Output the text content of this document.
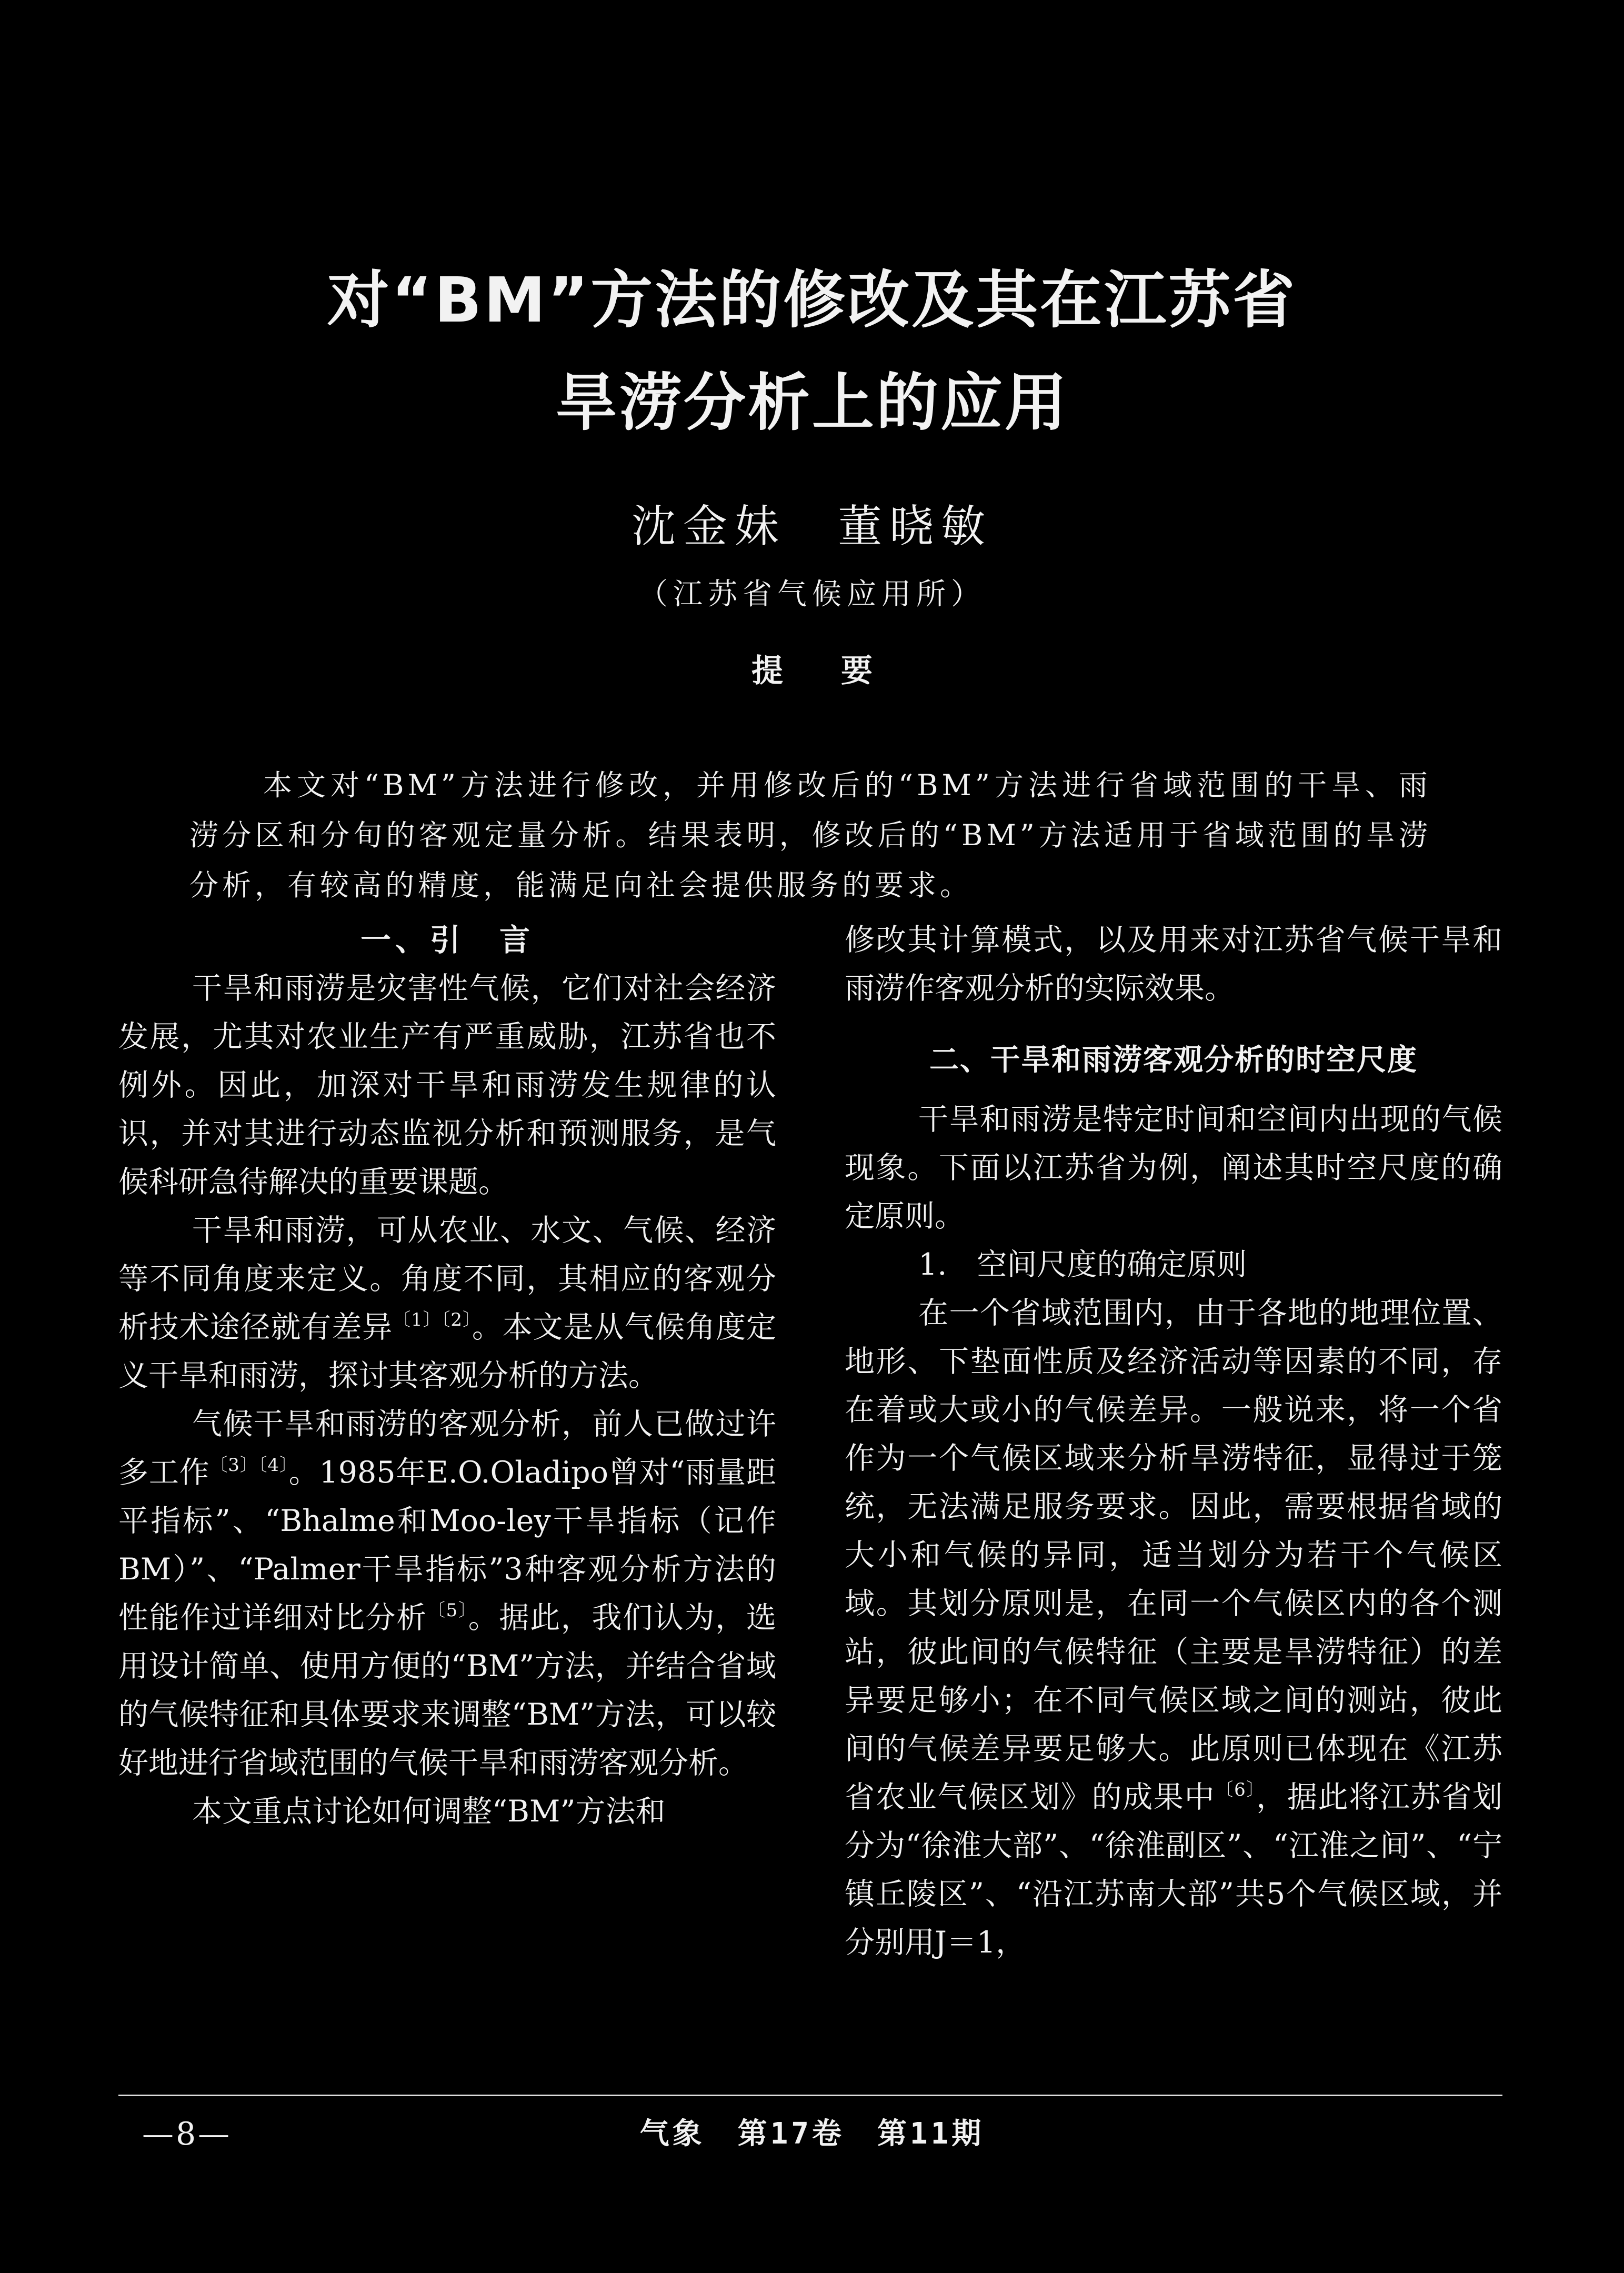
对“BM”方法的修改及其在江苏省
旱涝分析上的应用
沈金妹　董晓敏
（江苏省气候应用所）
提要

本文对“BM”方法进行修改，并用修改后的“BM”方法进行省域范围的干旱、雨涝分区和分旬的客观定量分析。结果表明，修改后的“BM”方法适用于省域范围的旱涝分析，有较高的精度，能满足向社会提供服务的要求。

一、引　言

干旱和雨涝是灾害性气候，它们对社会经济发展，尤其对农业生产有严重威胁，江苏省也不例外。因此，加深对干旱和雨涝发生规律的认识，并对其进行动态监视分析和预测服务，是气候科研急待解决的重要课题。

干旱和雨涝，可从农业、水文、气候、经济等不同角度来定义。角度不同，其相应的客观分析技术途径就有差异$^{〔1〕〔2〕}$。本文是从气候角度定义干旱和雨涝，探讨其客观分析的方法。

气候干旱和雨涝的客观分析，前人已做过许多工作$^{〔3〕〔4〕}$。1985年E.O.Oladipo曾对“雨量距平指标”、“Bhalme和Moo-ley干旱指标（记作BM）”、“Palmer干旱指标”3种客观分析方法的性能作过详细对比分析$^{〔5〕}$。据此，我们认为，选用设计简单、使用方便的“BM”方法，并结合省域的气候特征和具体要求来调整“BM”方法，可以较好地进行省域范围的气候干旱和雨涝客观分析。

本文重点讨论如何调整“BM”方法和

修改其计算模式，以及用来对江苏省气候干旱和雨涝作客观分析的实际效果。

二、干旱和雨涝客观分析的时空尺度

干旱和雨涝是特定时间和空间内出现的气候现象。下面以江苏省为例，阐述其时空尺度的确定原则。

1.　空间尺度的确定原则

在一个省域范围内，由于各地的地理位置、地形、下垫面性质及经济活动等因素的不同，存在着或大或小的气候差异。一般说来，将一个省作为一个气候区域来分析旱涝特征，显得过于笼统，无法满足服务要求。因此，需要根据省域的大小和气候的异同，适当划分为若干个气候区域。其划分原则是，在同一个气候区内的各个测站，彼此间的气候特征（主要是旱涝特征）的差异要足够小；在不同气候区域之间的测站，彼此间的气候差异要足够大。此原则已体现在《江苏省农业气候区划》的成果中$^{〔6〕}$，据此将江苏省划分为“徐淮大部”、“徐淮副区”、“江淮之间”、“宁镇丘陵区”、“沿江苏南大部”共5个气候区域，并分别用J＝1，

—8—	气象　第17卷　第11期
